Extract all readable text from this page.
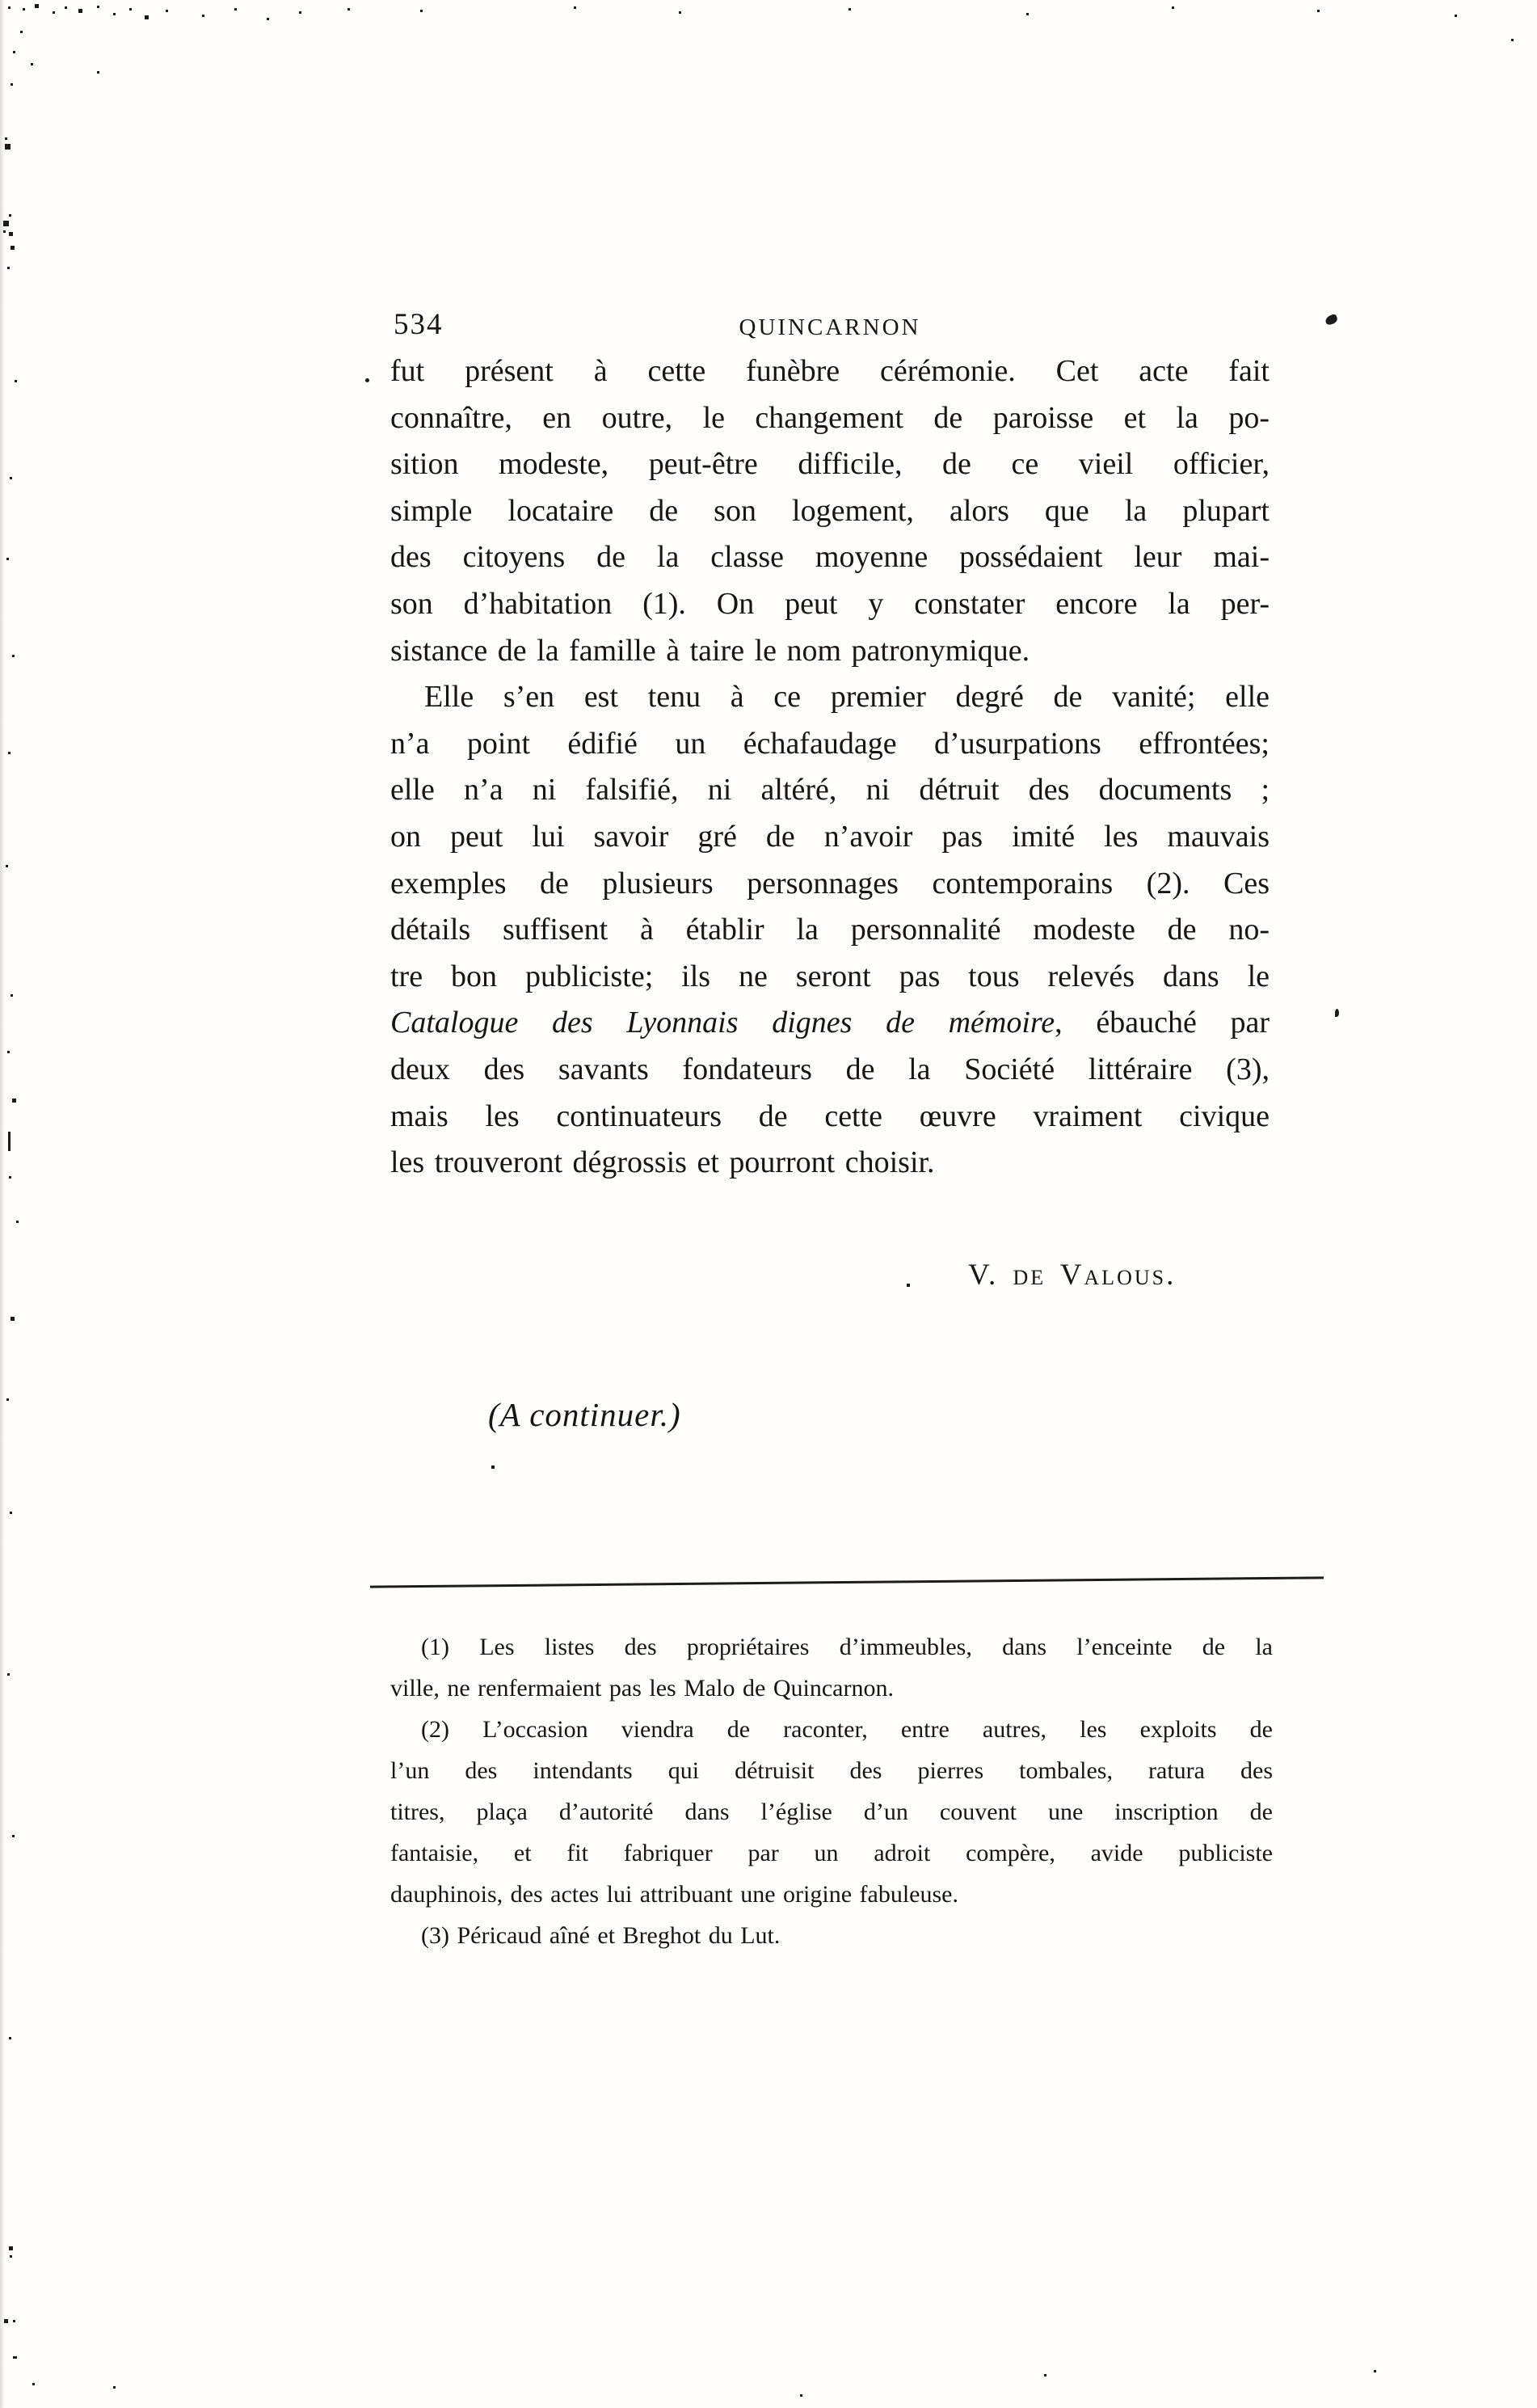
534	QUINCARNON
fut présent à cette funèbre cérémonie. Cet acte fait
connaître, en outre, le changement de paroisse et la po-
sition modeste, peut-être difficile, de ce vieil officier,
simple locataire de son logement, alors que la plupart
des citoyens de la classe moyenne possédaient leur mai-
son d’habitation (1). On peut y constater encore la per-
sistance de la famille à taire le nom patronymique.
Elle s’en est tenu à ce premier degré de vanité; elle
n’a point édifié un échafaudage d’usurpations effrontées;
elle n’a ni falsifié, ni altéré, ni détruit des documents ;
on peut lui savoir gré de n’avoir pas imité les mauvais
exemples de plusieurs personnages contemporains (2). Ces
détails suffisent à établir la personnalité modeste de no-
tre bon publiciste; ils ne seront pas tous relevés dans le
Catalogue des Lyonnais dignes de mémoire, ébauché par
deux des savants fondateurs de la Société littéraire (3),
mais les continuateurs de cette œuvre vraiment civique
les trouveront dégrossis et pourront choisir.
V. de Valous.
(A continuer.)
(1) Les listes des propriétaires d’immeubles, dans l’enceinte de la
ville, ne renfermaient pas les Malo de Quincarnon.
(2) L’occasion viendra de raconter, entre autres, les exploits de
l’un des intendants qui détruisit des pierres tombales, ratura des
titres, plaça d’autorité dans l’église d’un couvent une inscription de
fantaisie, et fit fabriquer par un adroit compère, avide publiciste
dauphinois, des actes lui attribuant une origine fabuleuse.
(3) Péricaud aîné et Breghot du Lut.
